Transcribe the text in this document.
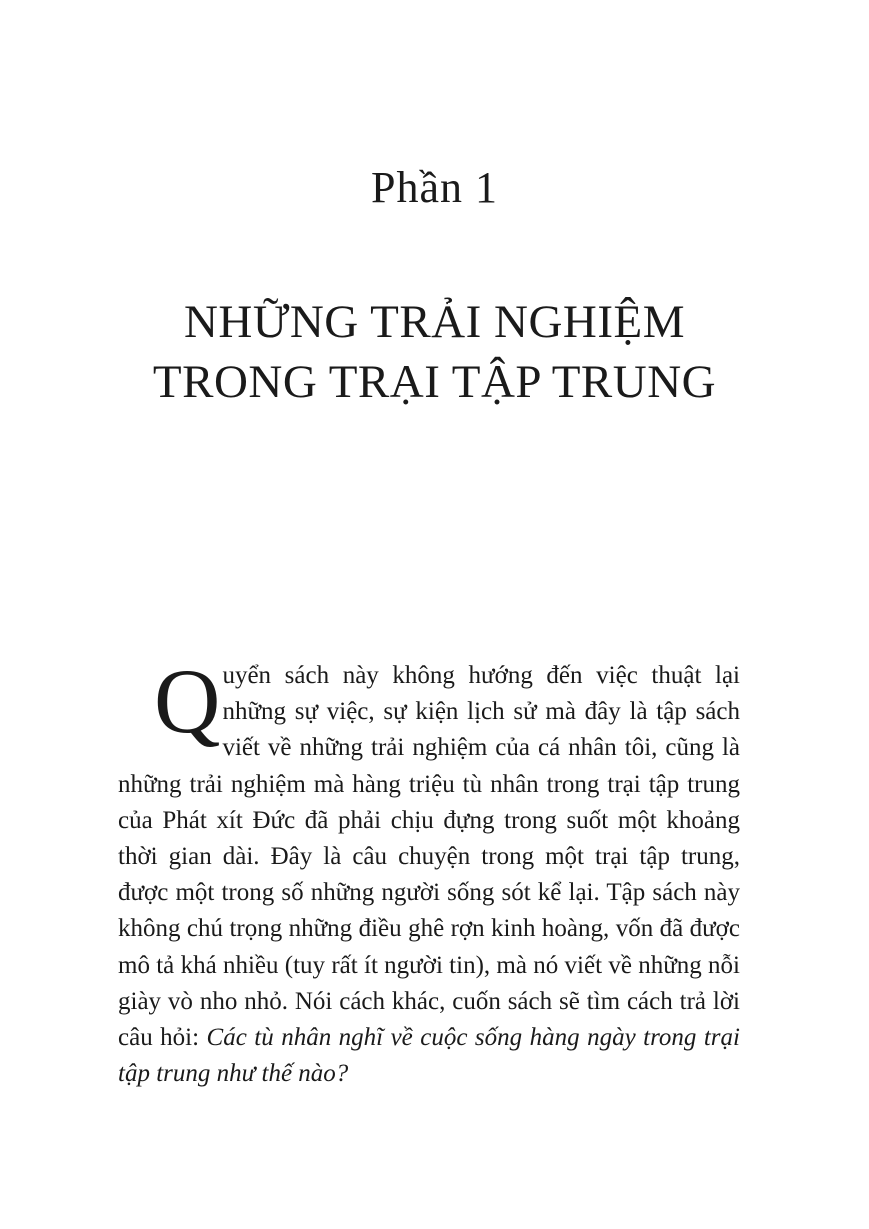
Phần 1
NHỮNG TRẢI NGHIỆM
TRONG TRẠI TẬP TRUNG
Quyển sách này không hướng đến việc thuật lại những sự việc, sự kiện lịch sử mà đây là tập sách viết về những trải nghiệm của cá nhân tôi, cũng là những trải nghiệm mà hàng triệu tù nhân trong trại tập trung của Phát xít Đức đã phải chịu đựng trong suốt một khoảng thời gian dài. Đây là câu chuyện trong một trại tập trung, được một trong số những người sống sót kể lại. Tập sách này không chú trọng những điều ghê rợn kinh hoàng, vốn đã được mô tả khá nhiều (tuy rất ít người tin), mà nó viết về những nỗi giày vò nho nhỏ. Nói cách khác, cuốn sách sẽ tìm cách trả lời câu hỏi: Các tù nhân nghĩ về cuộc sống hàng ngày trong trại tập trung như thế nào?
